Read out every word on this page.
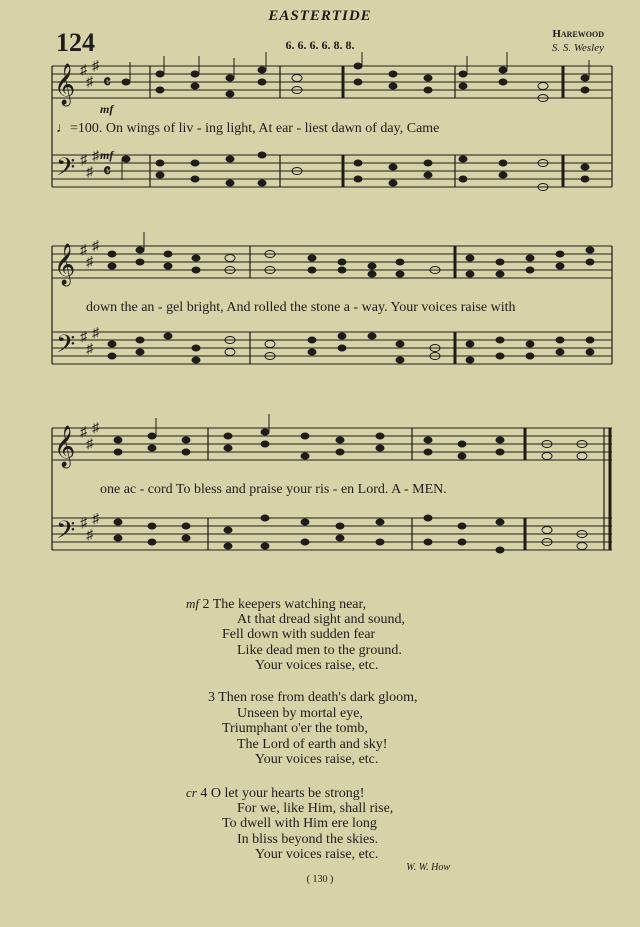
EASTERTIDE
124	6. 6. 6. 6. 8. 8.
Harewood
S. S. Wesley
𝄞
𝄢
♯
♯
♯
♯
♯
♯
𝄴
𝄴
mf
mf
♩=100. On wings of liv - ing light, At ear - liest dawn of day, Came
𝄞
𝄢
♯
♯
♯
♯
♯
♯
down the an - gel bright, And rolled the stone a - way. Your voices raise with
𝄞
𝄢
♯
♯
♯
♯
♯
♯
one ac - cord To bless and praise your ris - en Lord. A - MEN.
mf 2 The keepers watching near,
At that dread sight and sound,
Fell down with sudden fear
Like dead men to the ground.
Your voices raise, etc.
3 Then rose from death's dark gloom,
Unseen by mortal eye,
Triumphant o'er the tomb,
The Lord of earth and sky!
Your voices raise, etc.
cr 4 O let your hearts be strong!
For we, like Him, shall rise,
To dwell with Him ere long
In bliss beyond the skies.
Your voices raise, etc.
W. W. How
( 130 )
